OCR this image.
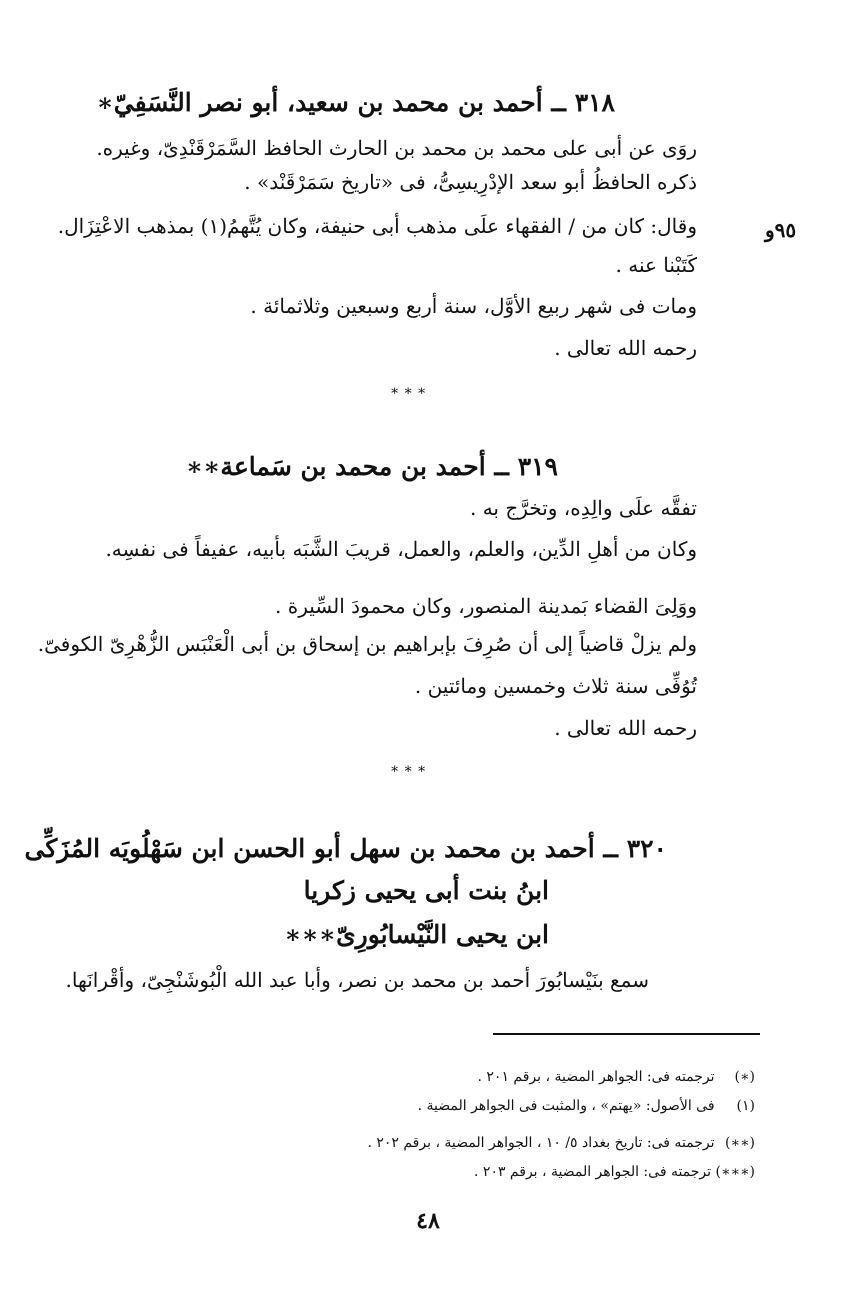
٣١٨ ــ أحمد بن محمد بن سعيد، أبو نصر النَّسَفِيّ∗
روَى عن أبى على محمد بن محمد بن الحارث الحافظ السَّمَرْقَنْدِىّ، وغيره.
ذكره الحافظُ أبو سعد الإدْرِيسِىُّ، فى «تاريخ سَمَرْقَنْد» .
وقال: كان من / الفقهاء علَى مذهب أبى حنيفة، وكان يُتَّهمُ(١) بمذهب الاعْتِزَال.
كَتَبْنا عنه .
ومات فى شهر ربيع الأوَّل، سنة أربع وسبعين وثلاثمائة .
رحمه الله تعالى .
٩٥و
∗∗∗
٣١٩ ــ أحمد بن محمد بن سَماعة∗∗
تفقَّه علَى والِدِه، وتخرَّج به .
وكان من أهلِ الدِّين، والعلم، والعمل، قريبَ الشَّبَه بأبيه، عفيفاً فى نفسِه.
ووَلِىَ القضاء بَمدينة المنصور، وكان محمودَ السِّيرة .
ولم يزلْ قاضياً إلى أن صُرِفَ بإبراهيم بن إسحاق بن أبى الْعَنْبَس الزُّهْرِىّ الكوفىّ.
تُوُفِّى سنة ثلاث وخمسين ومائتين .
رحمه الله تعالى .
∗∗∗
٣٢٠ ــ أحمد بن محمد بن سهل أبو الحسن ابن سَهْلُويَه المُزَكِّى
ابنُ بنت أبى يحيى زكريا
ابن يحيى النَّيْسابُورِىّ∗∗∗
سمع بنَيْسابُورَ أحمد بن محمد بن نصر، وأبا عبد الله الْبُوشَنْجِىّ، وأقْرانَها.
(∗) ترجمته فى: الجواهر المضية ، برقم ٢٠١ .
(١) فى الأصول: «يهتم» ، والمثبت فى الجواهر المضية .
(∗∗) ترجمته فى: تاريخ بغداد ٥/ ١٠ ، الجواهر المضية ، برقم ٢٠٢ .
(∗∗∗) ترجمته فى: الجواهر المضية ، برقم ٢٠٣ .
٤٨
